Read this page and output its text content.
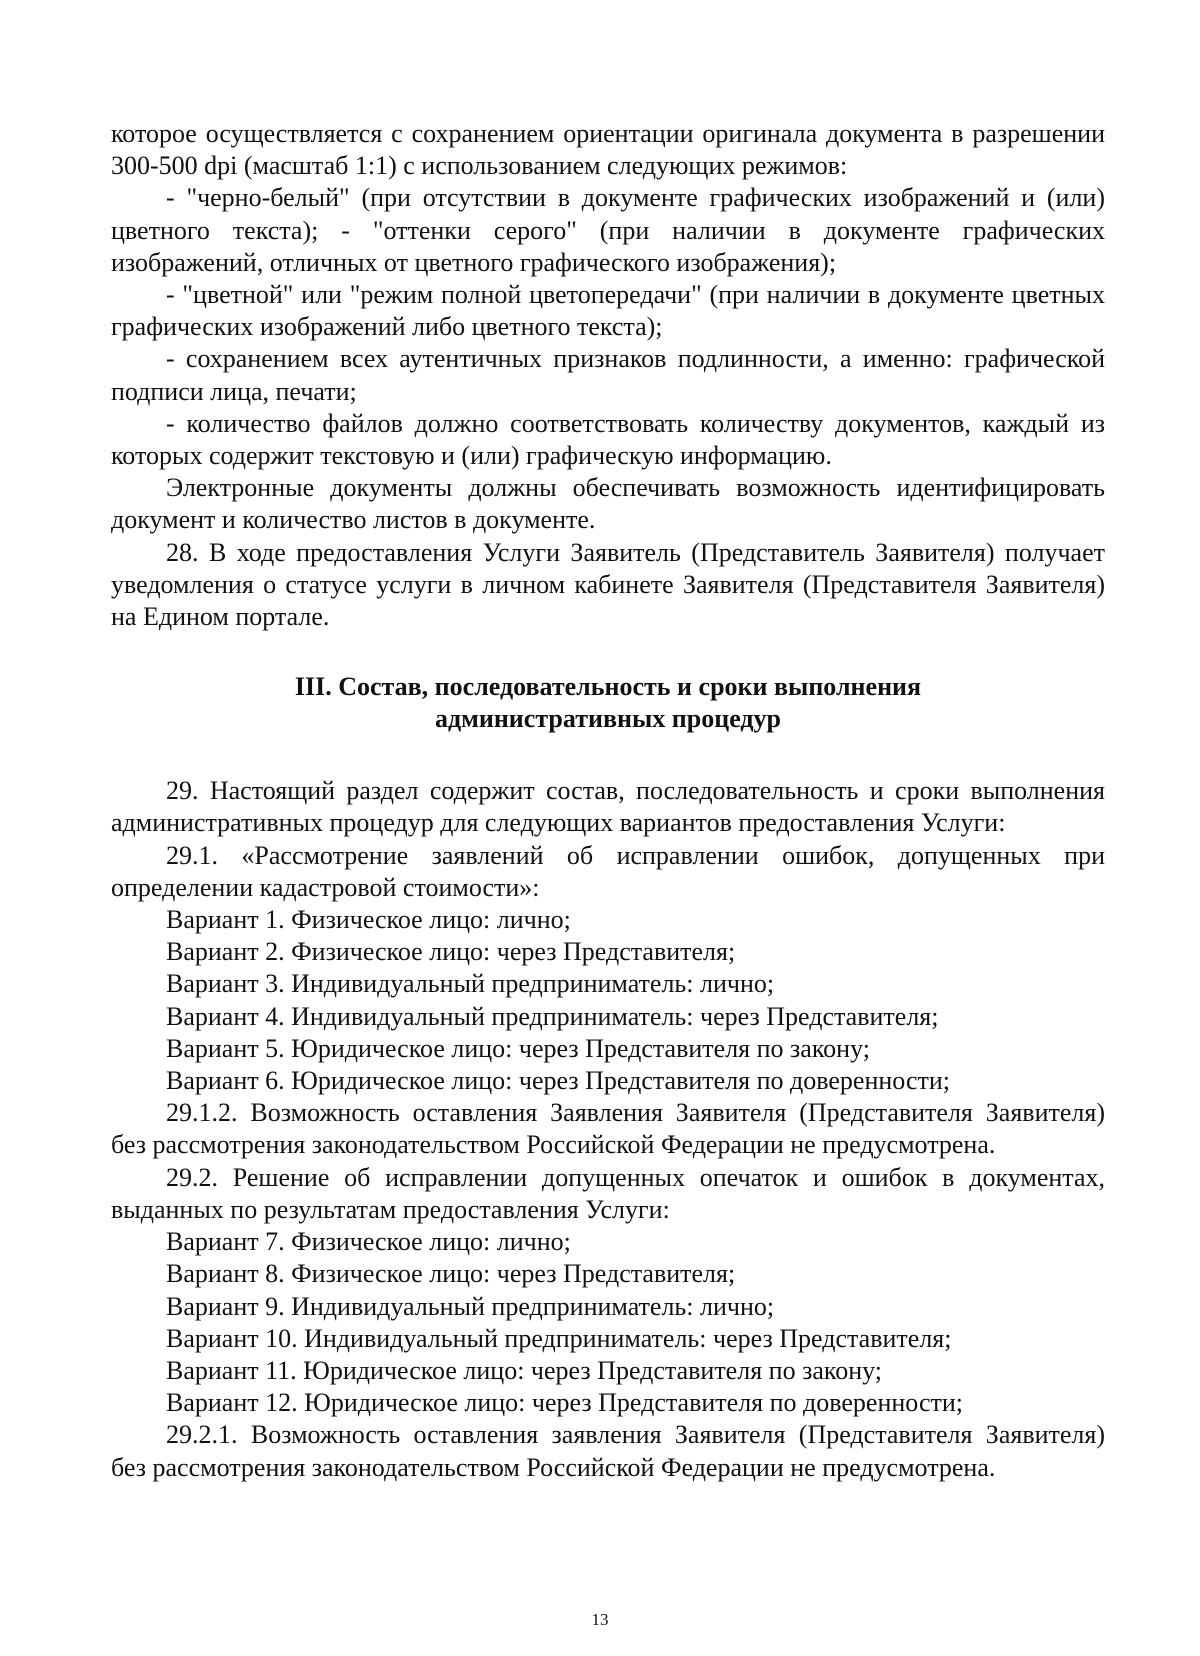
которое осуществляется с сохранением ориентации оригинала документа в разрешении 300-500 dpi (масштаб 1:1) с использованием следующих режимов:

- "черно-белый" (при отсутствии в документе графических изображений и (или) цветного текста); - "оттенки серого" (при наличии в документе графических изображений, отличных от цветного графического изображения);

- "цветной" или "режим полной цветопередачи" (при наличии в документе цветных графических изображений либо цветного текста);

- сохранением всех аутентичных признаков подлинности, а именно: графической подписи лица, печати;

- количество файлов должно соответствовать количеству документов, каждый из которых содержит текстовую и (или) графическую информацию.

Электронные документы должны обеспечивать возможность идентифицировать документ и количество листов в документе.

28. В ходе предоставления Услуги Заявитель (Представитель Заявителя) получает уведомления о статусе услуги в личном кабинете Заявителя (Представителя Заявителя) на Едином портале.

III. Состав, последовательность и сроки выполнения

административных процедур

29. Настоящий раздел содержит состав, последовательность и сроки выполнения административных процедур для следующих вариантов предоставления Услуги:

29.1. «Рассмотрение заявлений об исправлении ошибок, допущенных при определении кадастровой стоимости»:

Вариант 1. Физическое лицо: лично;

Вариант 2. Физическое лицо: через Представителя;

Вариант 3. Индивидуальный предприниматель: лично;

Вариант 4. Индивидуальный предприниматель: через Представителя;

Вариант 5. Юридическое лицо: через Представителя по закону;

Вариант 6. Юридическое лицо: через Представителя по доверенности;

29.1.2. Возможность оставления Заявления Заявителя (Представителя Заявителя) без рассмотрения законодательством Российской Федерации не предусмотрена.

29.2. Решение об исправлении допущенных опечаток и ошибок в документах, выданных по результатам предоставления Услуги:

Вариант 7. Физическое лицо: лично;

Вариант 8. Физическое лицо: через Представителя;

Вариант 9. Индивидуальный предприниматель: лично;

Вариант 10. Индивидуальный предприниматель: через Представителя;

Вариант 11. Юридическое лицо: через Представителя по закону;

Вариант 12. Юридическое лицо: через Представителя по доверенности;

29.2.1. Возможность оставления заявления Заявителя (Представителя Заявителя) без рассмотрения законодательством Российской Федерации не предусмотрена.

13
